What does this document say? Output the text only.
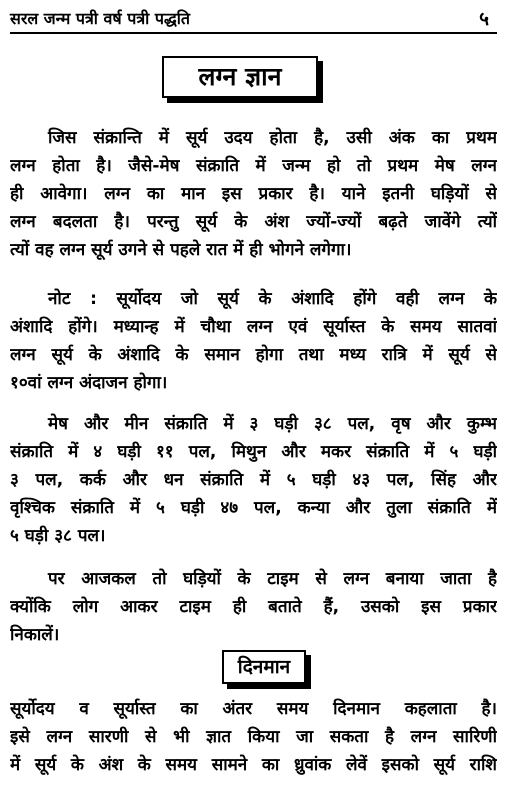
सरल जन्म पत्री वर्ष पत्री पद्धति	५
लग्न ज्ञान

जिस संक्रान्ति में सूर्य उदय होता है, उसी अंक का प्रथम
लग्न होता है। जैसे-मेष संक्राति में जन्म हो तो प्रथम मेष लग्न
ही आवेगा। लग्न का मान इस प्रकार है। याने इतनी घड़ियों से
लग्न बदलता है। परन्तु सूर्य के अंश ज्यों-ज्यों बढ़ते जावेंगे त्यों
त्यों वह लग्न सूर्य उगने से पहले रात में ही भोगने लगेगा।

नोट : सूर्योदय जो सूर्य के अंशादि होंगे वही लग्न के
अंशादि होंगे। मध्यान्ह में चौथा लग्न एवं सूर्यास्त के समय सातवां
लग्न सूर्य के अंशादि के समान होगा तथा मध्य रात्रि में सूर्य से
१०वां लग्न अंदाजन होगा।

मेष और मीन संक्राति में ३ घड़ी ३८ पल, वृष और कुम्भ
संक्राति में ४ घड़ी ११ पल, मिथुन और मकर संक्राति में ५ घड़ी
३ पल, कर्क और धन संक्राति में ५ घड़ी ४३ पल, सिंह और
वृश्चिक संक्राति में ५ घड़ी ४७ पल, कन्या और तुला संक्राति में
५ घड़ी ३८ पल।

पर आजकल तो घड़ियों के टाइम से लग्न बनाया जाता है
क्योंकि लोग आकर टाइम ही बताते हैं, उसको इस प्रकार
निकालें।

दिनमान

सूर्योदय व सूर्यास्त का अंतर समय दिनमान कहलाता है।
इसे लग्न सारणी से भी ज्ञात किया जा सकता है लग्न सारिणी
में सूर्य के अंश के समय सामने का ध्रुवांक लेवें इसको सूर्य राशि
